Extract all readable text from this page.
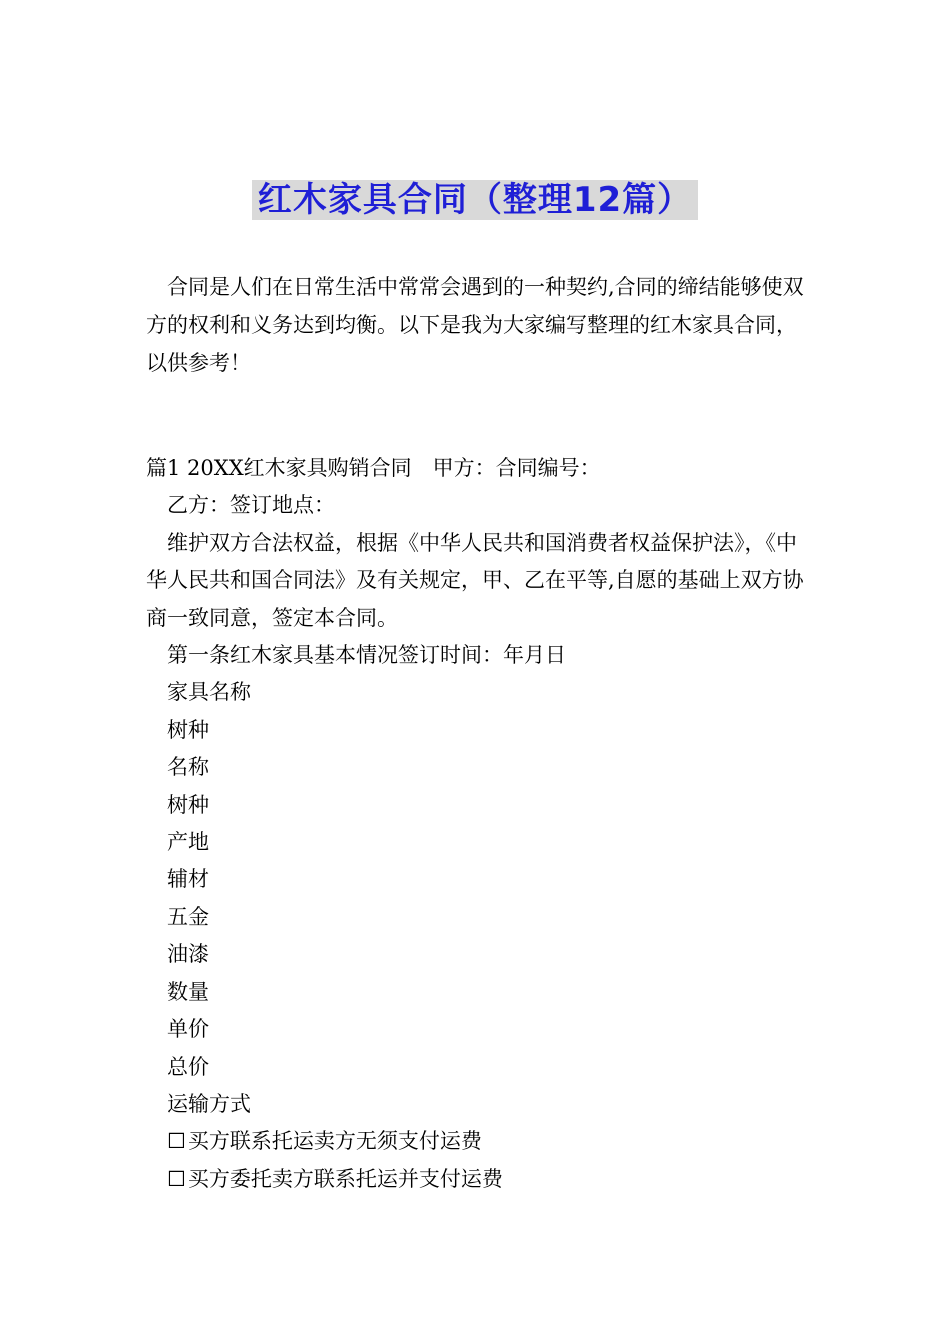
红木家具合同（整理12篇）
合同是人们在日常生活中常常会遇到的一种契约,合同的缔结能够使双方的权利和义务达到均衡。以下是我为大家编写整理的红木家具合同，以供参考！
篇1 20XX红木家具购销合同　甲方：合同编号：
乙方：签订地点：
维护双方合法权益，根据《中华人民共和国消费者权益保护法》，《中华人民共和国合同法》及有关规定，甲、乙在平等,自愿的基础上双方协商一致同意，签定本合同。
第一条红木家具基本情况签订时间：年月日
家具名称
树种
名称
树种
产地
辅材
五金
油漆
数量
单价
总价
运输方式
☐买方联系托运卖方无须支付运费
☐买方委托卖方联系托运并支付运费
